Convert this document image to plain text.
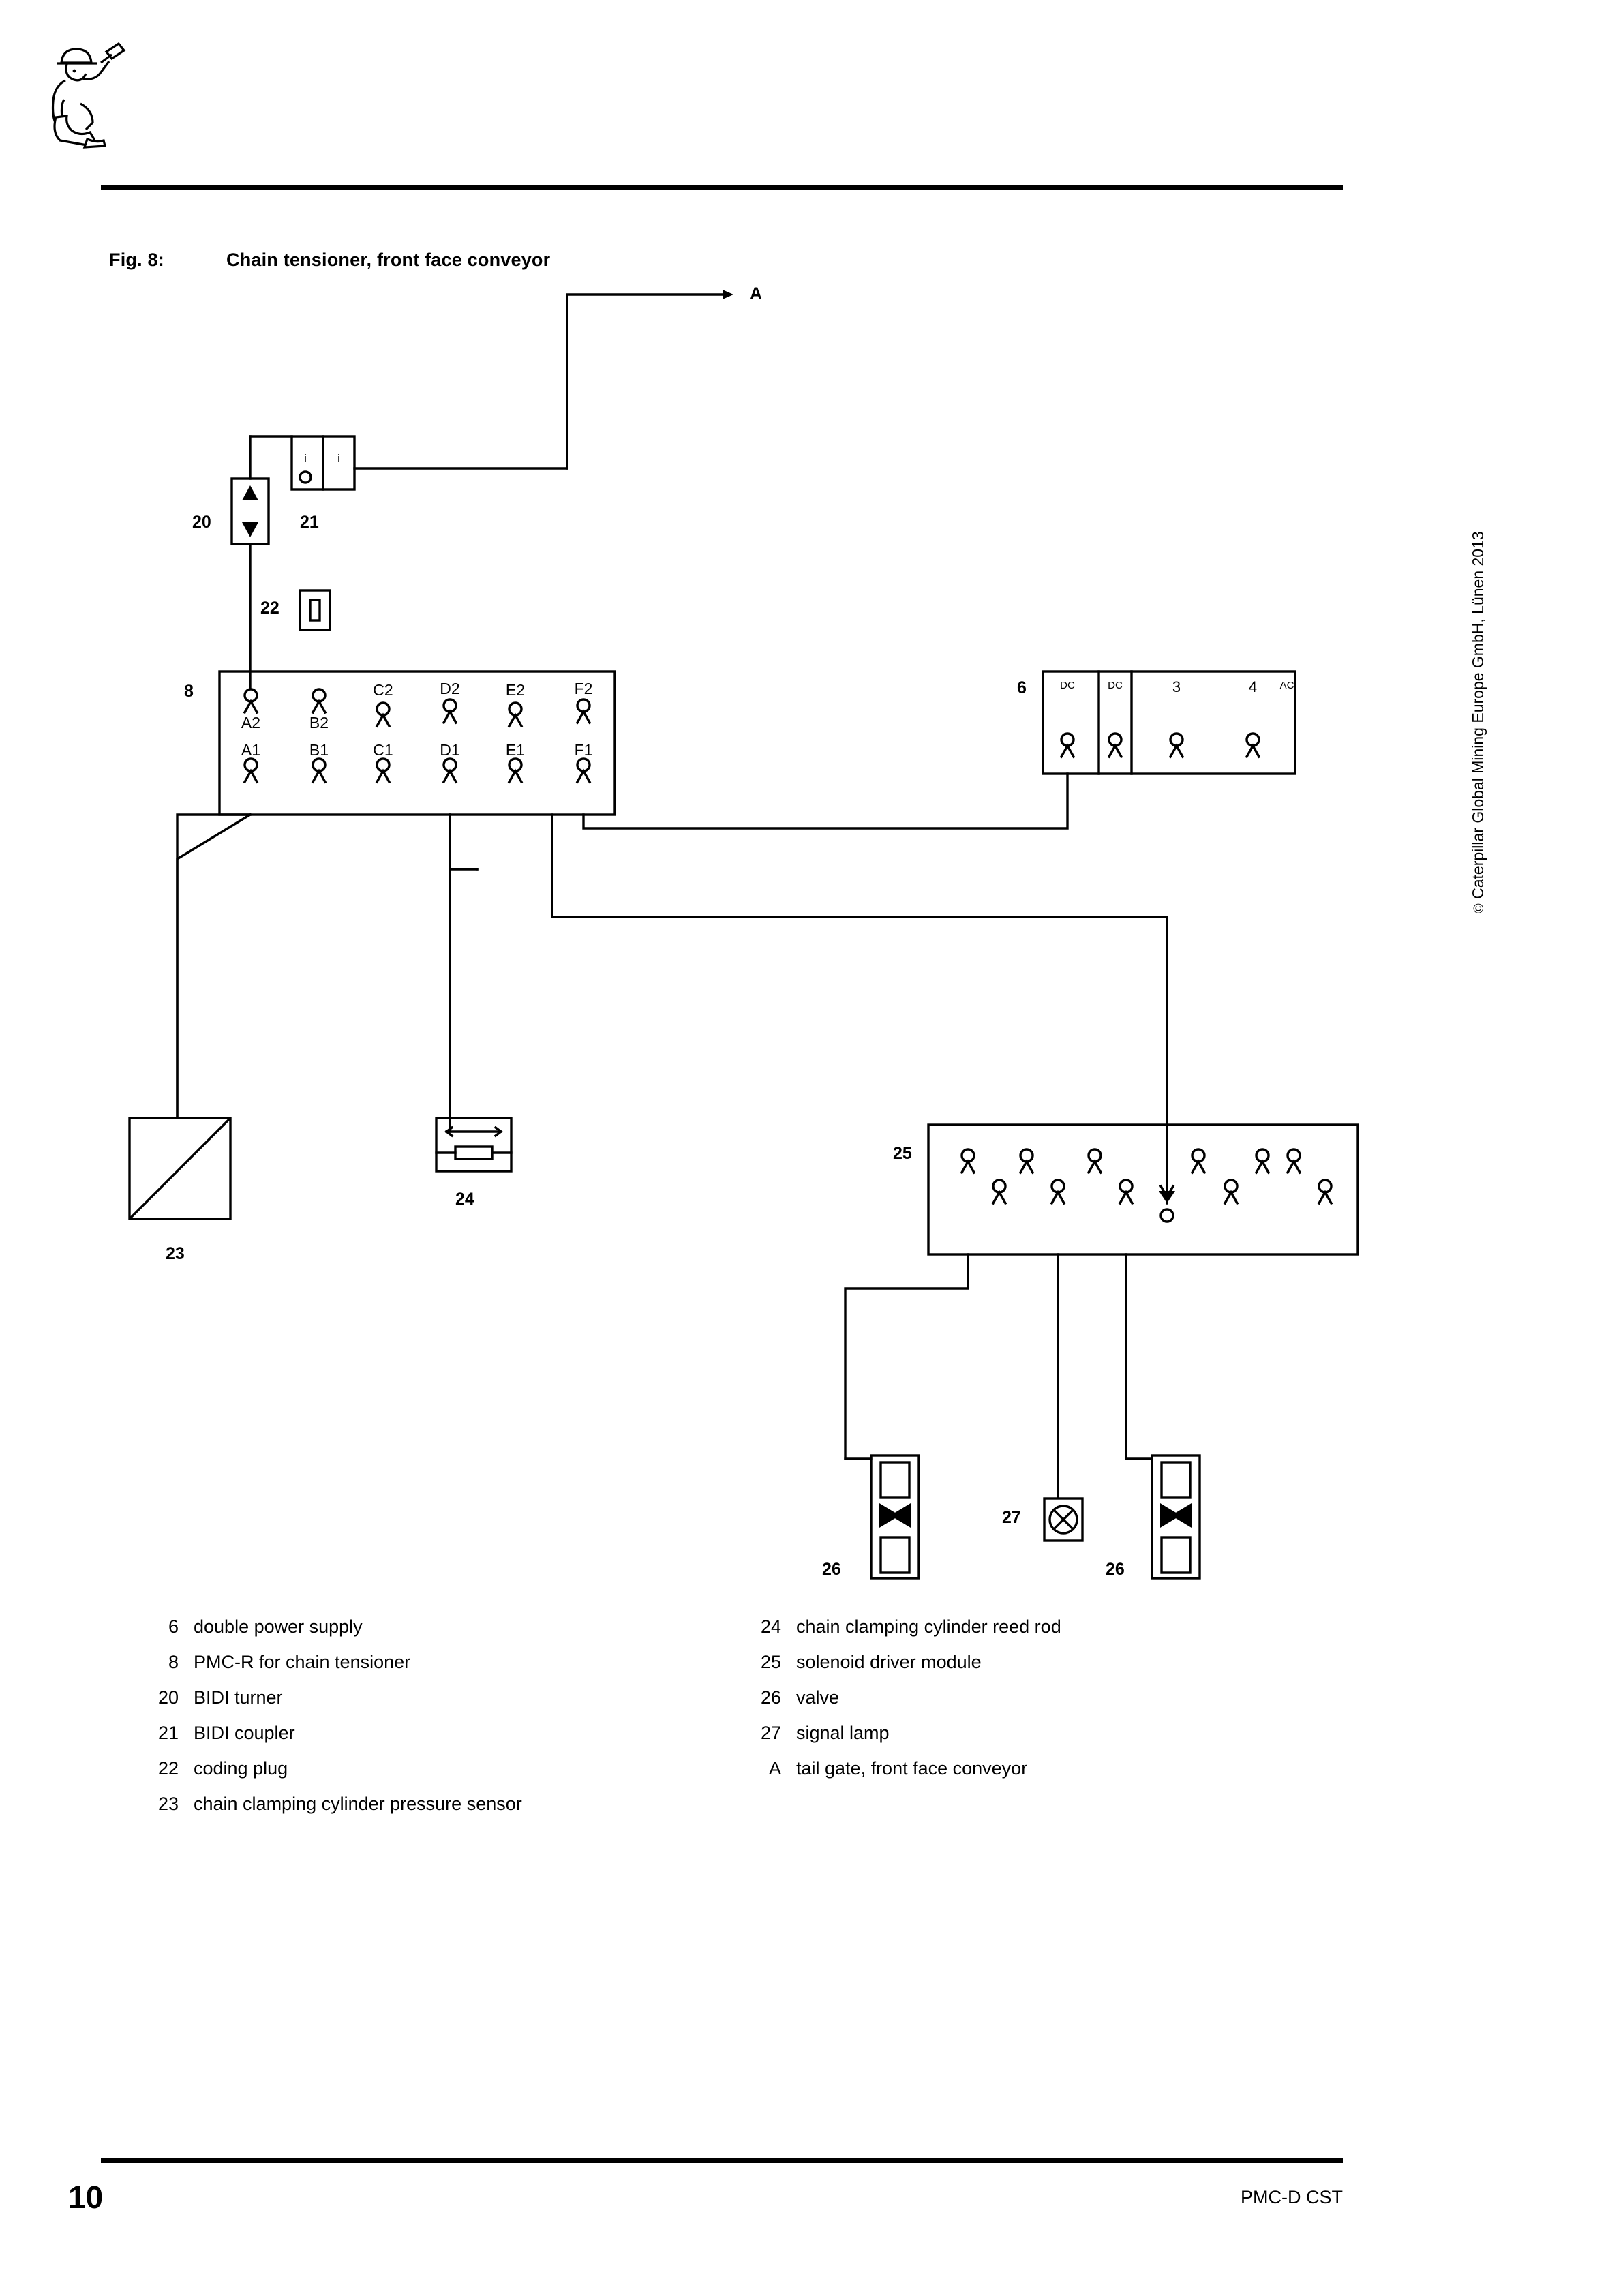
Fig. 8:	Chain tensioner, front face conveyor
A2	B2
C2	D2	E2	F2
A1	B1	C1	D1	E1	F1
DC	DC	3	4 AC
i	i
A
8
20	21
22
6
23
24
25
26	26
27
6 double power supply
8 PMC-R for chain tensioner
20 BIDI turner
21 BIDI coupler
22 coding plug
23 chain clamping cylinder pressure sensor
24 chain clamping cylinder reed rod
25 solenoid driver module
26 valve
27 signal lamp
A tail gate, front face conveyor
© Caterpillar Global Mining Europe GmbH, Lünen 2013
10	PMC-D CST
